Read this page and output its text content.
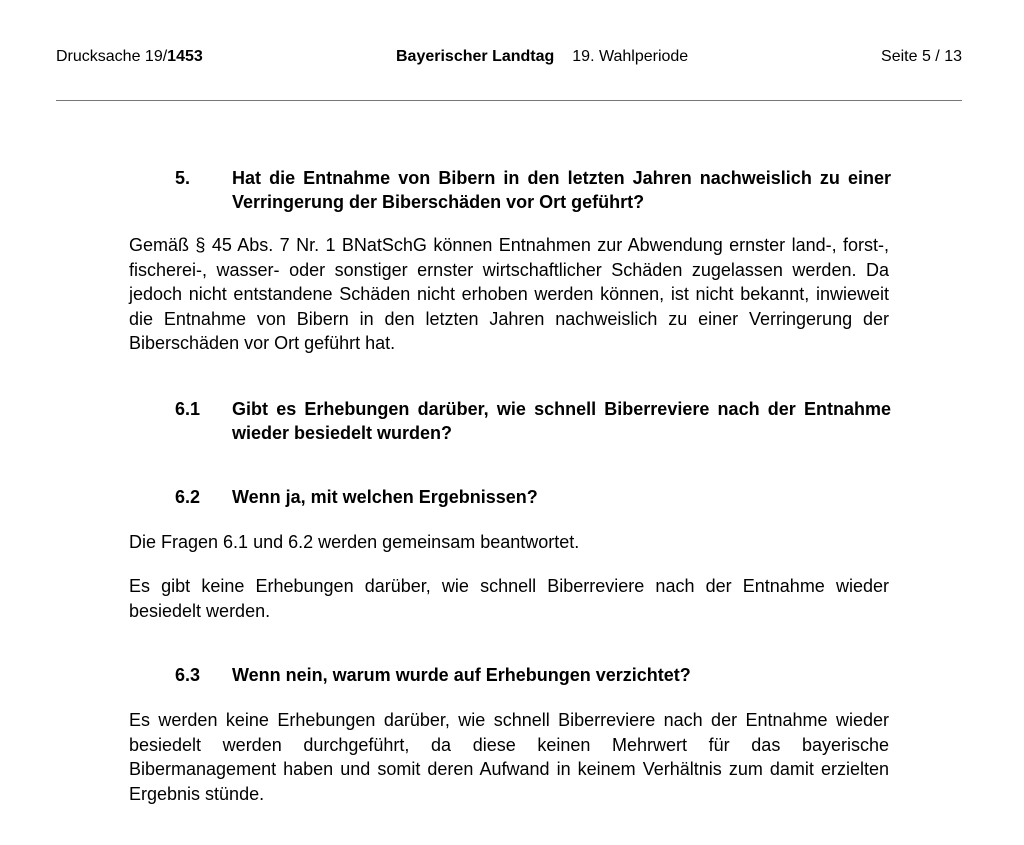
Drucksache 19/1453	Bayerischer Landtag 19. Wahlperiode	Seite 5 / 13
5.	Hat die Entnahme von Bibern in den letzten Jahren nachweislich zu einer Verringerung der Biberschäden vor Ort geführt?
Gemäß § 45 Abs. 7 Nr. 1 BNatSchG können Entnahmen zur Abwendung ernster land-, forst-, fischerei-, wasser- oder sonstiger ernster wirtschaftlicher Schäden zugelassen werden. Da jedoch nicht entstandene Schäden nicht erhoben werden können, ist nicht bekannt, inwieweit die Entnahme von Bibern in den letzten Jahren nachweislich zu einer Verringerung der Biberschäden vor Ort geführt hat.
6.1	Gibt es Erhebungen darüber, wie schnell Biberreviere nach der Entnahme wieder besiedelt wurden?
6.2	Wenn ja, mit welchen Ergebnissen?
Die Fragen 6.1 und 6.2 werden gemeinsam beantwortet.
Es gibt keine Erhebungen darüber, wie schnell Biberreviere nach der Entnahme wieder besiedelt werden.
6.3	Wenn nein, warum wurde auf Erhebungen verzichtet?
Es werden keine Erhebungen darüber, wie schnell Biberreviere nach der Entnahme wieder besiedelt werden durchgeführt, da diese keinen Mehrwert für das bayerische Bibermanagement haben und somit deren Aufwand in keinem Verhältnis zum damit erzielten Ergebnis stünde.
